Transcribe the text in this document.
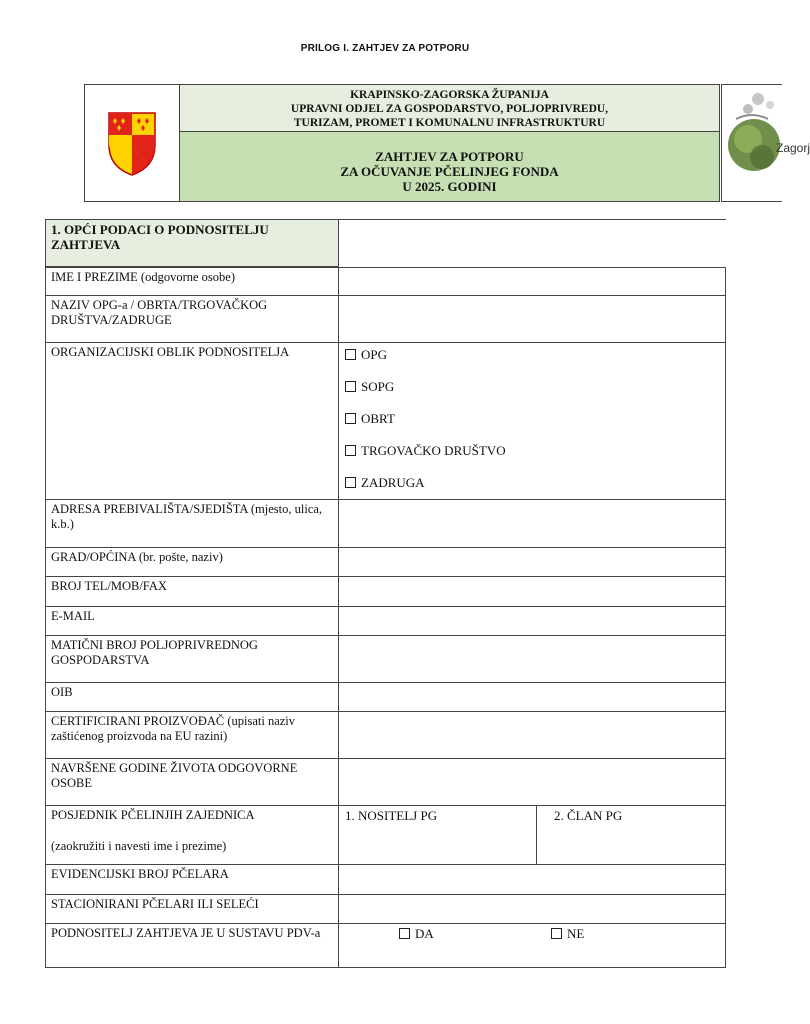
PRILOG I. ZAHTJEV ZA POTPORU
KRAPINSKO-ZAGORSKA ŽUPANIJA
UPRAVNI ODJEL ZA GOSPODARSTVO, POLJOPRIVREDU,
TURIZAM, PROMET I KOMUNALNU INFRASTRUKTURU
ZAHTJEV ZA POTPORU
ZA OČUVANJE PČELINJEG FONDA
U 2025. GODINI
Zagorj
1. OPĆI PODACI O PODNOSITELJU ZAHTJEVA
IME I PREZIME (odgovorne osobe)
NAZIV OPG-a / OBRTA/TRGOVAČKOG DRUŠTVA/ZADRUGE
ORGANIZACIJSKI OBLIK PODNOSITELJA	OPG
SOPG
OBRT
TRGOVAČKO DRUŠTVO
ZADRUGA
ADRESA PREBIVALIŠTA/SJEDIŠTA (mjesto, ulica, k.b.)
GRAD/OPĆINA (br. pošte, naziv)
BROJ TEL/MOB/FAX
E-MAIL
MATIČNI BROJ POLJOPRIVREDNOG GOSPODARSTVA
OIB
CERTIFICIRANI PROIZVOĐAČ (upisati naziv zaštićenog proizvoda na EU razini)
NAVRŠENE GODINE ŽIVOTA ODGOVORNE OSOBE
POSJEDNIK PČELINJIH ZAJEDNICA
(zaokružiti i navesti ime i prezime)
1. NOSITELJ PG	2. ČLAN PG
EVIDENCIJSKI BROJ PČELARA
STACIONIRANI PČELARI ILI SELEĆI
PODNOSITELJ ZAHTJEVA JE U SUSTAVU PDV-a	DA	NE
